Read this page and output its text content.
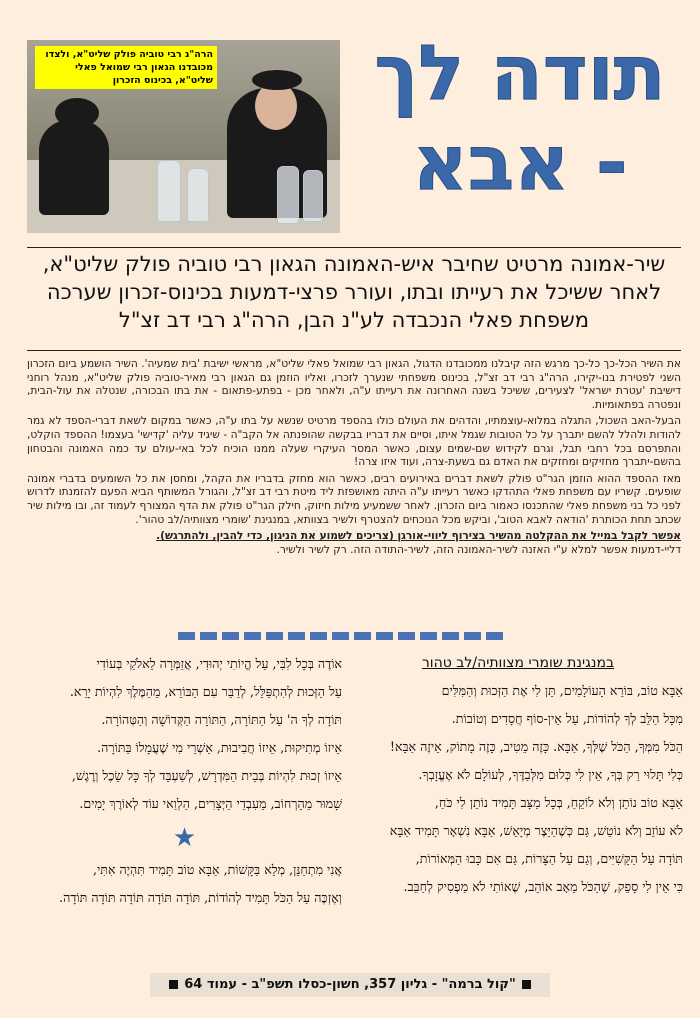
הרה"ג רבי טוביה פולק שליט"א, ולצדו מכובדנו הגאון רבי שמואל פאלי שליט"א, בכינוס הזכרון תודה לך - אבא
שיר-אמונה מרטיט שחיבר איש-האמונה הגאון רבי טוביה פולק שליט"א, לאחר ששיכל את רעייתו ובתו, ועורר פרצי-דמעות בכינוס-זכרון שערכה משפחת פאלי הנכבדה לע"נ הבן, הרה"ג רבי דב זצ"ל

את השיר הכל-כך כל-כך מרגש הזה קיבלנו ממכובדנו הדגול, הגאון רבי שמואל פאלי שליט"א, מראשי ישיבת 'בית שמעיה'. השיר הושמע ביום הזכרון השני לפטירת בנו-יקירו, הרה"ג רבי דב זצ"ל, בכינוס משפחתי שנערך לזכרו, ואליו הוזמן גם הגאון רבי מאיר-טוביה פולק שליט"א, מנהל רוחני דישיבת 'עטרת ישראל' לצעירים, ששיכל בשנה האחרונה את רעייתו ע"ה, ולאחר מכן - בפתע-פתאום - את בתו הבכורה, שנטלה את עול-הבית, ונפטרה בפתאומיות.

הבעל-האב השכול, התגלה במלוא-עוצמתיו, והדהים את העולם כולו בהספד מרטיט שנשא על בתו ע"ה, כאשר במקום לשאת דברי-הספד לא גמר להודות ולהלל להשם יתברך על כל הטובות שגמל איתו, וסיים את דבריו בבקשה שהופנתה אל הקב"ה - שיגיד עליה 'קדישי' בעצמו! ההספד הוקלט, והתפרסם בכל רחבי תבל, וגרם לקידוש שם-שמים עצום, כאשר המסר העיקרי שעלה ממנו הוכיח לכל באי-עולם עד כמה האמונה והבטחון בהשם-יתברך מחזיקים ומחזקים את האדם גם בשעת-צרה, ועוד איזו צרה!

מאז ההספד ההוא הוזמן הגר"ט פולק לשאת דברים באירועים רבים, כאשר הוא מחזק בדבריו את הקהל, ומחסן את כל השומעים בדברי אמונה שופעים. קשריו עם משפחת פאלי התהדקו כאשר רעייתו ע"ה היתה מאושפזת ליד מיטת רבי דב זצ"ל, והגורל המשותף הביא הפעם להזמנתו לדרוש לפני כל בני משפחת פאלי שהתכנסו כאמור ביום הזכרון. לאחר ששמעיע מילות חיזוק, חילק הגר"ט פולק את הדף המצורף לעמוד זה, ובו מילות שיר שכתב תחת הכותרת 'הודאה לאבא הטוב', וביקש מכל הנוכחים להצטרף ולשיר בצוותא, במנגינת 'שומרי מצוותיה/לב טהור'.

אפשר לקבל במייל את ההקלטה מהשיר בצירוף ליווי-אורגן (צריכים לשמוע את הניגון, כדי להבין, ולהתרגש).

דליי-דמעות אפשר למלא ע"י האזנה לשיר-האמונה הזה, לשיר-התודה הזה. רק לשיר ולשיר.

במנגינת שומרי מצוותיה/לב טהור

אַבָּא טוֹב, בּוֹרֵא הָעוֹלָמִים, תֵּן לִי אֶת הַזְּכוּת וְהַמִּלִּים

מִכָּל הַלֵּב לְךָ לְהוֹדוֹת, עַל אֵין-סוֹף חֲסָדִים וְטוֹבוֹת.

הַכֹּל מִמְּךָ, הַכֹּל שֶׁלְּךָ, אַבָּא. כָּזֶה מֵטִיב, כָּזֶה מָתוֹק, אֵיזֶה אַבָּא!

כְּלִי תָּלוּי רַק בְּךָ, אֵין לִי כְּלוּם מִלְּבַדֶּךָ, לְעוֹלָם לֹא אֶעֱזָבְךָ.

אַבָּא טוֹב נוֹתֵן וְלֹא לוֹקֵחַ, בְּכָל מַצָּב תָּמִיד נוֹתֵן לִי כֹּחַ,

לֹא עוֹזֵב וְלֹא נוֹטֵשׁ, גַּם כְּשֶׁהַיֵּצֶר מְיָאֵשׁ, אַבָּא נִשְׁאָר תָּמִיד אַבָּא

תּוֹדָה עַל הַקָּשִׁיִּים, וְגַם עַל הַצָּרוֹת, גַּם אִם כָּבוּ הַמְּאוֹרוֹת,

כִּי אֵין לִי סָפֵק, שֶׁהַכֹּל מֵאָב אוֹהֵב, שֶׁאוֹתִי לֹא מַפְסִיק לְחַבֵּב.

אוֹדֶה בְּכָל לִבִּי, עַל הֱיוֹתִי יְהוּדִי, אֲזַמְּרָה לֵאלֹקַי בְּעוֹדִי

עַל הַזְּכוּת לְהִתְפַּלֵּל, לְדַבֵּר עִם הַבּוֹרֵא, מֵהַמֶּלֶךְ לִהְיוֹת יָרֵא.

תּוֹדָה לְךָ ה' עַל הַתּוֹרָה, הַתּוֹרָה הַקְּדוֹשָׁה וְהַטְּהוֹרָה.

אֵיזוֹ מְתִיקוּת, אֵיזוֹ חֲבִיבוּת, אַשְׁרֵי מִי שֶׁעֲמָלוֹ בַּתּוֹרָה.

אֵיזוֹ זְכוּת לִהְיוֹת בְּבֵית הַמִּדְרָשׁ, לְשַׁעְבֵּד לְךָ כָּל שֵׂכֶל וְרֶגֶשׁ,

שָׁמוּר מֵהָרְחוֹב, מֵעִבְדֵי הַיְּצָרִים, הַלְוַאי עוֹד לְאוֹרֶךְ יָמִים.

★

אֲנִי מִתְחַנֵּן, מְלֵא בַּקָּשׁוֹת, אַבָּא טוֹב תָּמִיד תִּהְיֶה אִתִּי,

וְאֶזְכֶּה עַל הַכֹּל תָּמִיד לְהוֹדוֹת, תּוֹדָה תּוֹדָה תּוֹדָה תּוֹדָה תּוֹדָה.

"קול ברמה" - גליון 357, חשון-כסלו תשפ"ב - עמוד 64
